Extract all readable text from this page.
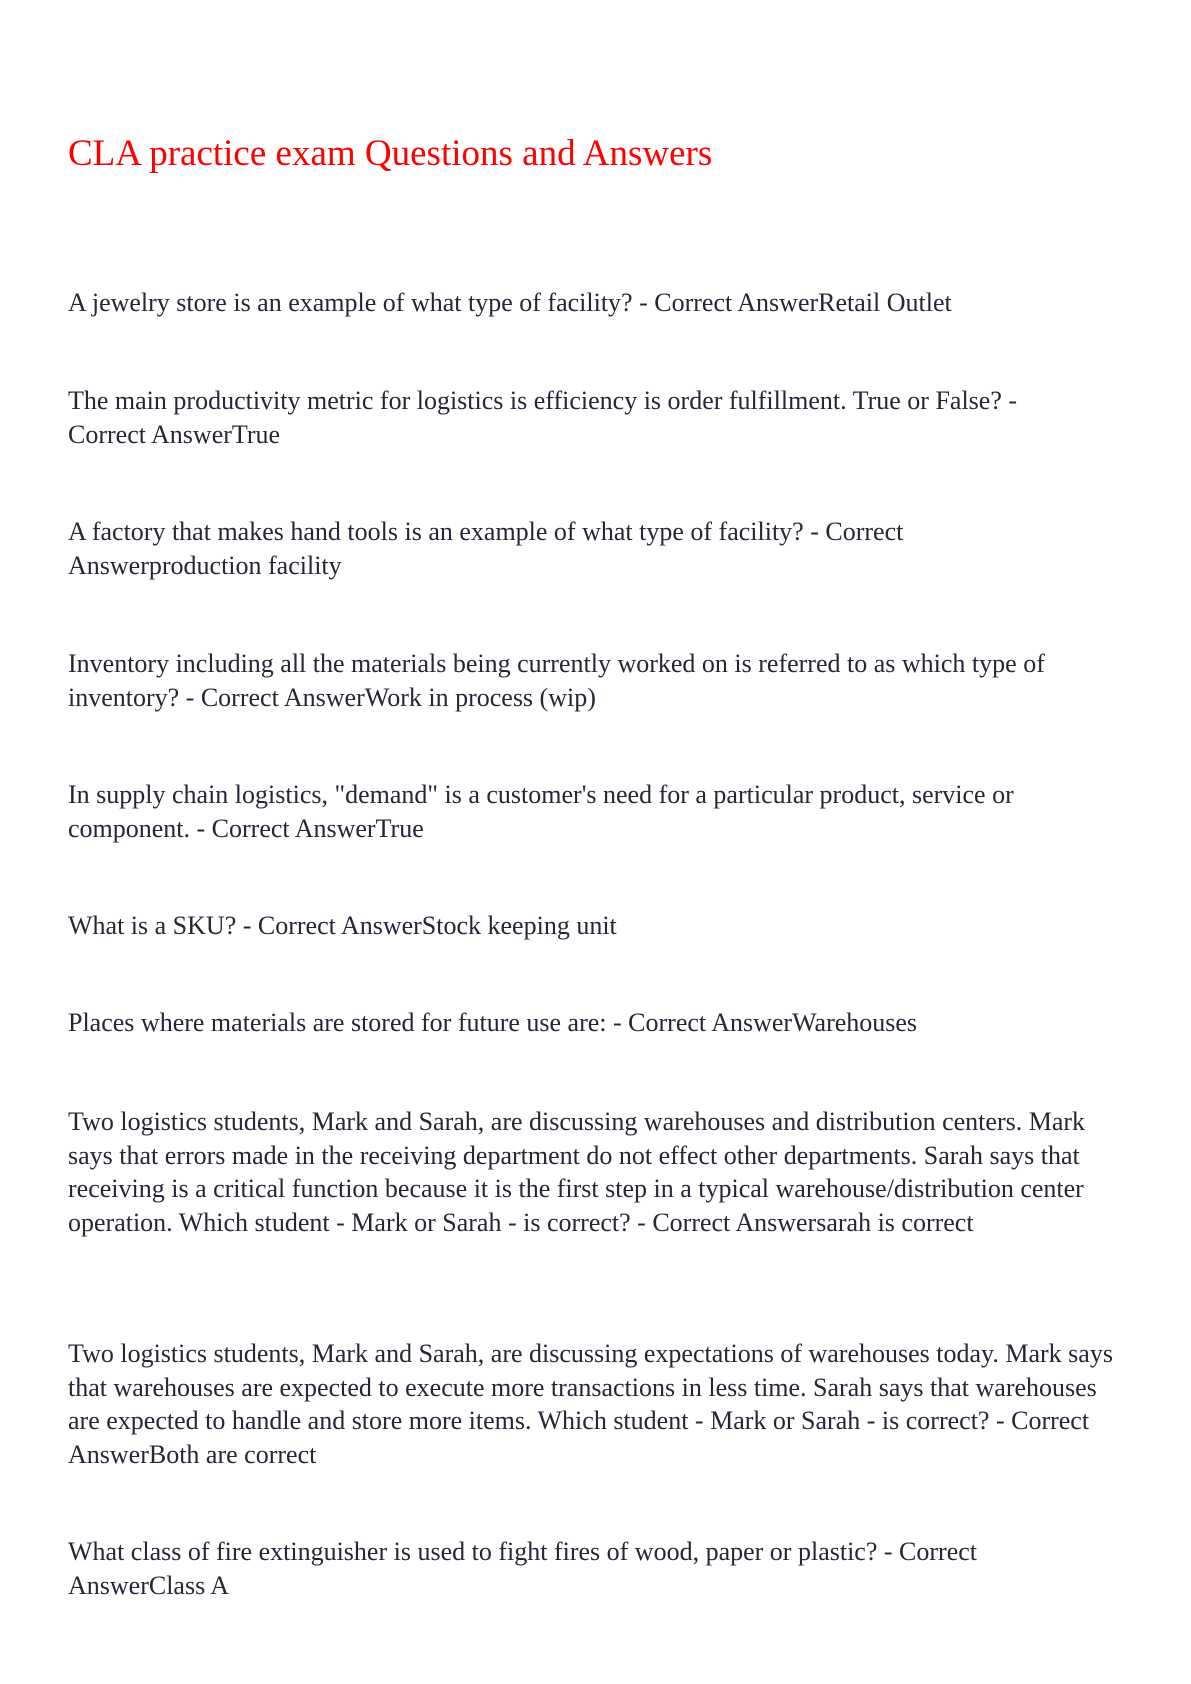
CLA practice exam Questions and Answers
A jewelry store is an example of what type of facility? - Correct AnswerRetail Outlet
The main productivity metric for logistics is efficiency is order fulfillment. True or False? - Correct AnswerTrue
A factory that makes hand tools is an example of what type of facility? - Correct Answerproduction facility
Inventory including all the materials being currently worked on is referred to as which type of inventory? - Correct AnswerWork in process (wip)
In supply chain logistics, "demand" is a customer's need for a particular product, service or component. - Correct AnswerTrue
What is a SKU? - Correct AnswerStock keeping unit
Places where materials are stored for future use are: - Correct AnswerWarehouses
Two logistics students, Mark and Sarah, are discussing warehouses and distribution centers. Mark says that errors made in the receiving department do not effect other departments. Sarah says that receiving is a critical function because it is the first step in a typical warehouse/distribution center operation. Which student - Mark or Sarah - is correct? - Correct Answersarah is correct
Two logistics students, Mark and Sarah, are discussing expectations of warehouses today. Mark says that warehouses are expected to execute more transactions in less time. Sarah says that warehouses are expected to handle and store more items. Which student - Mark or Sarah - is correct? - Correct AnswerBoth are correct
What class of fire extinguisher is used to fight fires of wood, paper or plastic? - Correct AnswerClass A
